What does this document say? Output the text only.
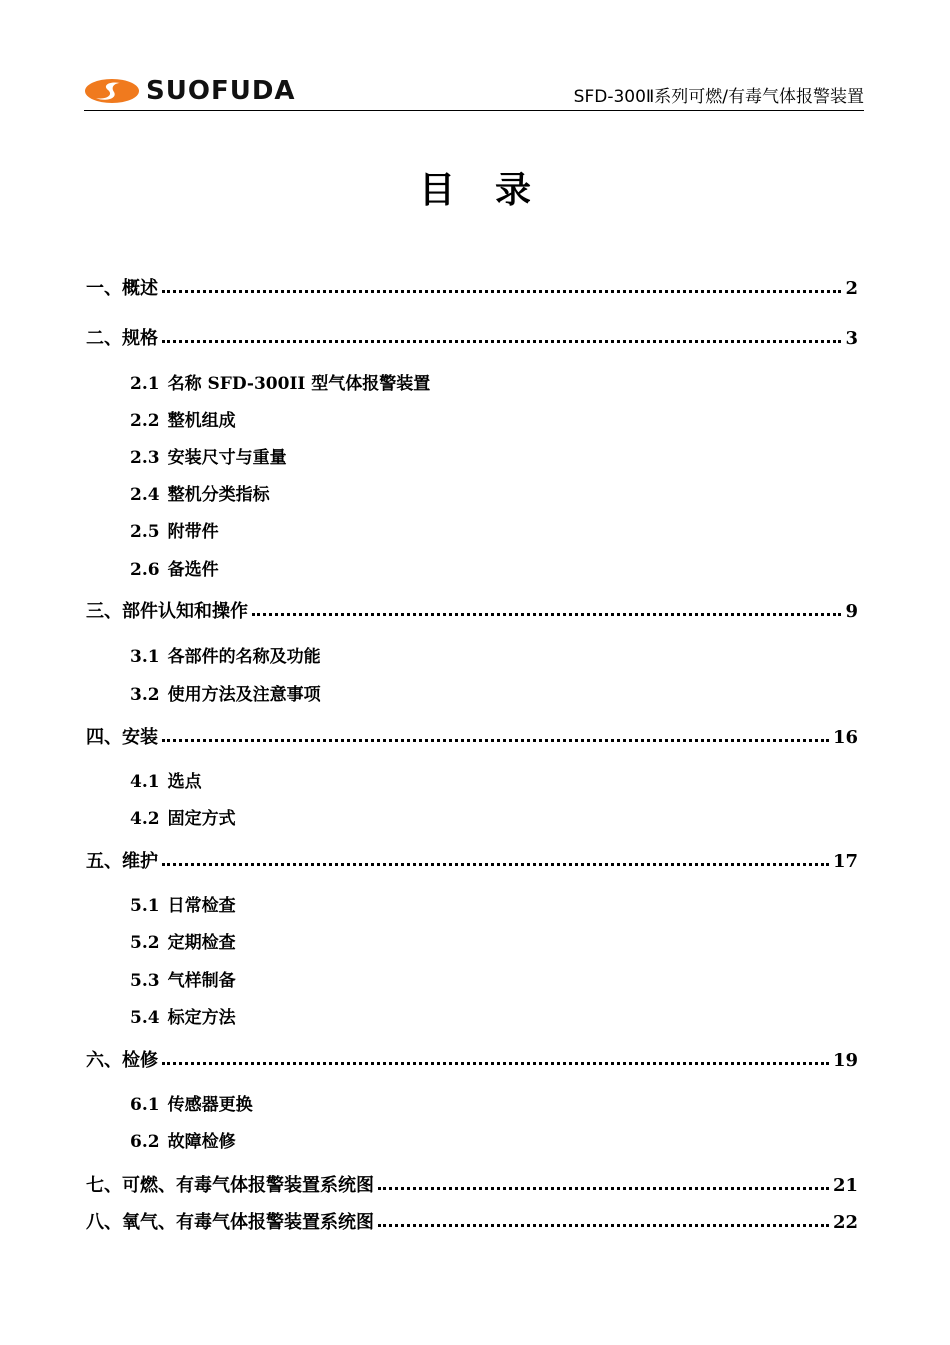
SUOFUDA	SFD-300Ⅱ系列可燃/有毒气体报警装置
目录
一、概述	2
二、规格	3
2.1 名称 SFD-300II 型气体报警装置
2.2 整机组成
2.3 安装尺寸与重量
2.4 整机分类指标
2.5 附带件
2.6 备选件
三、部件认知和操作	9
3.1 各部件的名称及功能
3.2 使用方法及注意事项
四、安装	16
4.1 选点
4.2 固定方式
五、维护	17
5.1 日常检查
5.2 定期检查
5.3 气样制备
5.4 标定方法
六、检修	19
6.1 传感器更换
6.2 故障检修
七、可燃、有毒气体报警装置系统图	21
八、氧气、有毒气体报警装置系统图	22
